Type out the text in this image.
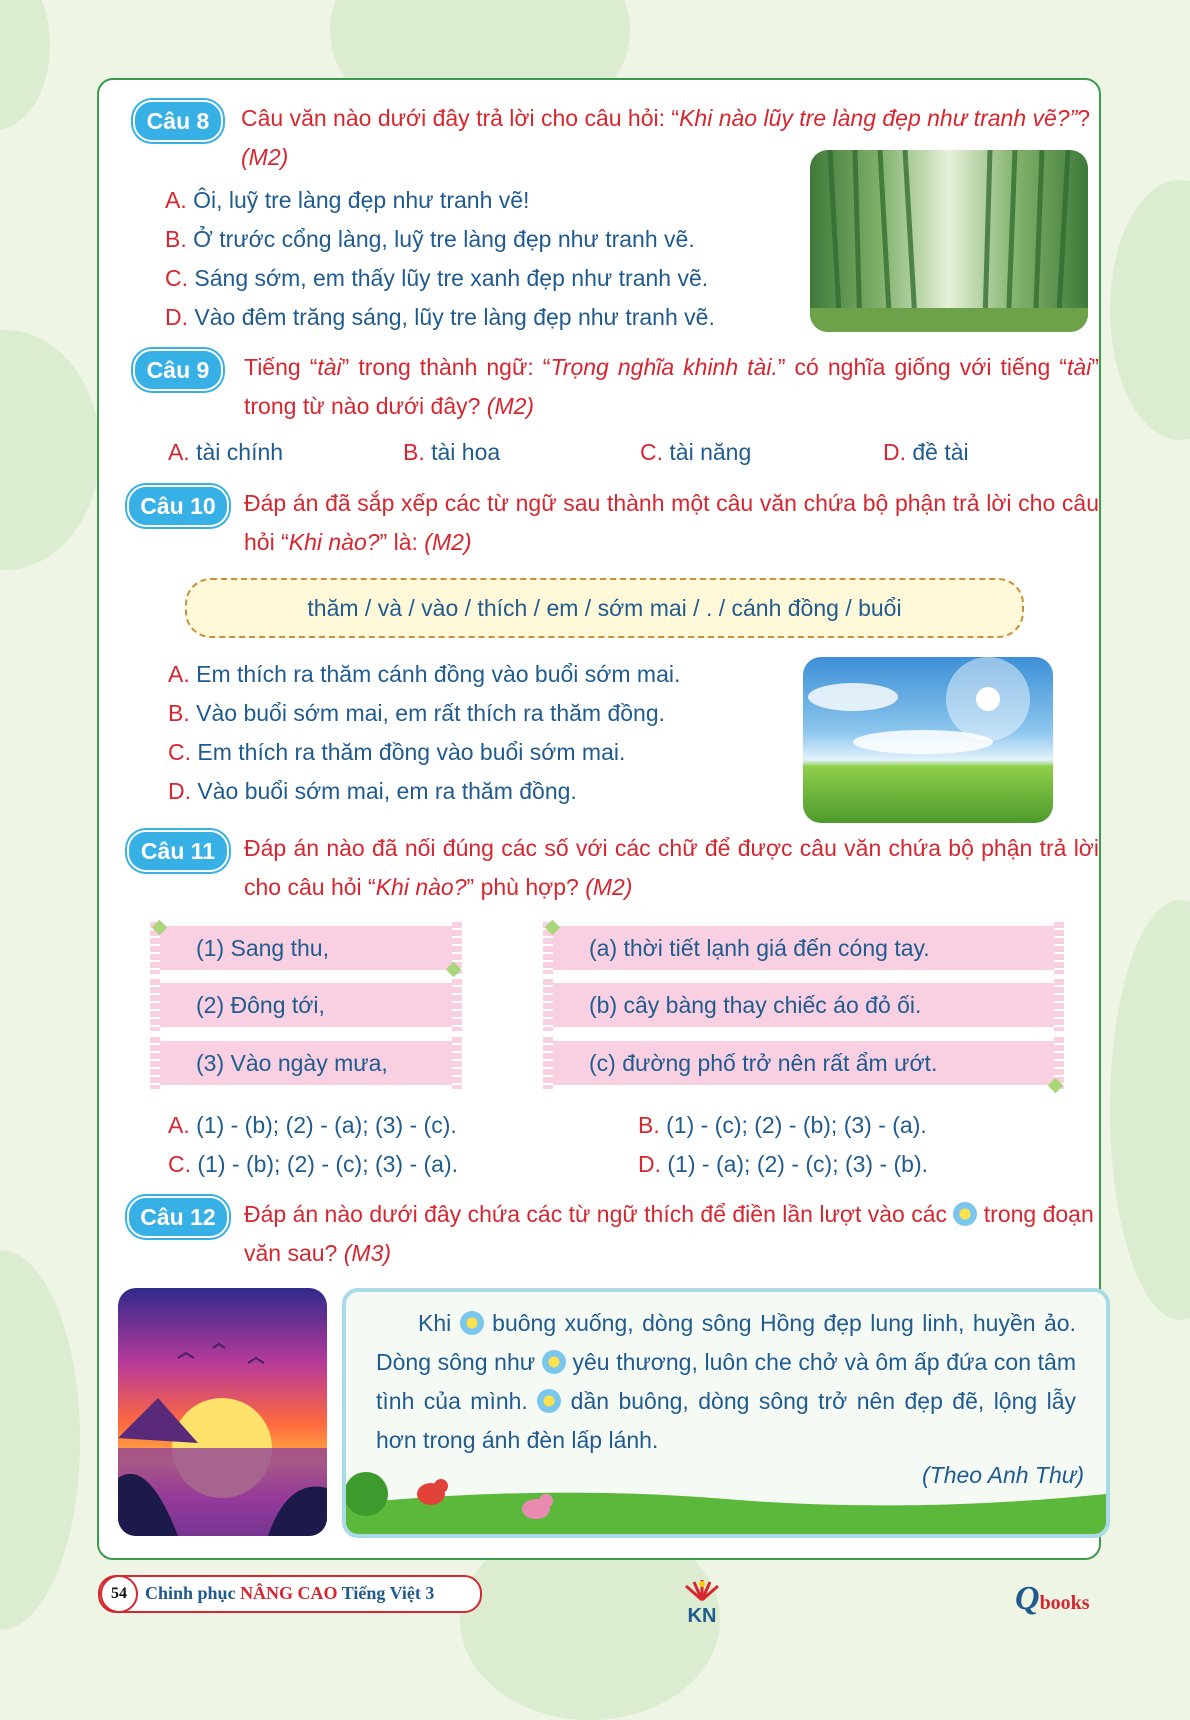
Câu 8	Câu văn nào dưới đây trả lời cho câu hỏi: “Khi nào lũy tre làng đẹp như tranh vẽ?”? (M2)
A. Ôi, luỹ tre làng đẹp như tranh vẽ!
B. Ở trước cổng làng, luỹ tre làng đẹp như tranh vẽ.
C. Sáng sớm, em thấy lũy tre xanh đẹp như tranh vẽ.
D. Vào đêm trăng sáng, lũy tre làng đẹp như tranh vẽ.
Câu 9	Tiếng “tài” trong thành ngữ: “Trọng nghĩa khinh tài.” có nghĩa giống với tiếng “tài” trong từ nào dưới đây? (M2)
A. tài chính	B. tài hoa	C. tài năng	D. đề tài
Câu 10	Đáp án đã sắp xếp các từ ngữ sau thành một câu văn chứa bộ phận trả lời cho câu hỏi “Khi nào?” là: (M2)
thăm / và / vào / thích / em / sớm mai / . / cánh đồng / buổi
A. Em thích ra thăm cánh đồng vào buổi sớm mai.
B. Vào buổi sớm mai, em rất thích ra thăm đồng.
C. Em thích ra thăm đồng vào buổi sớm mai.
D. Vào buổi sớm mai, em ra thăm đồng.
Câu 11	Đáp án nào đã nối đúng các số với các chữ để được câu văn chứa bộ phận trả lời cho câu hỏi “Khi nào?” phù hợp? (M2)
(1) Sang thu,
(2) Đông tới,
(3) Vào ngày mưa,
(a) thời tiết lạnh giá đến cóng tay.
(b) cây bàng thay chiếc áo đỏ ối.
(c) đường phố trở nên rất ẩm ướt.
A. (1) - (b); (2) - (a); (3) - (c).	B. (1) - (c); (2) - (b); (3) - (a).
C. (1) - (b); (2) - (c); (3) - (a).	D. (1) - (a); (2) - (c); (3) - (b).
Câu 12	Đáp án nào dưới đây chứa các từ ngữ thích để điền lần lượt vào các  trong đoạn văn sau? (M3)
Khi  buông xuống, dòng sông Hồng đẹp lung linh, huyền ảo. Dòng sông như  yêu thương, luôn che chở và ôm ấp đứa con tâm tình của mình.  dần buông, dòng sông trở nên đẹp đẽ, lộng lẫy hơn trong ánh đèn lấp lánh.
(Theo Anh Thư)
54	Chinh phục NÂNG CAO Tiếng Việt 3
KN	Qbooks
